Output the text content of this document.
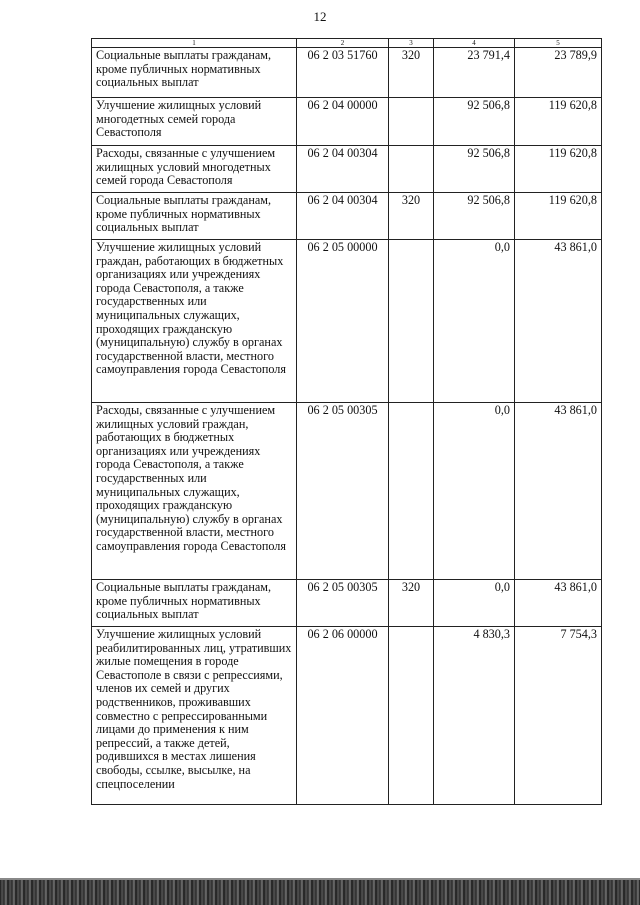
12
1	2	3	4	5
Социальные выплаты гражданам, кроме публичных нормативных социальных выплат	06 2 03 51760	320	23 791,4	23 789,9
Улучшение жилищных условий многодетных семей города Севастополя	06 2 04 00000		92 506,8	119 620,8
Расходы, связанные с улучшением жилищных условий многодетных семей города Севастополя	06 2 04 00304		92 506,8	119 620,8
Социальные выплаты гражданам, кроме публичных нормативных социальных выплат	06 2 04 00304	320	92 506,8	119 620,8
Улучшение жилищных условий граждан, работающих в бюджетных организациях или учреждениях города Севастополя, а также государственных или муниципальных служащих, проходящих гражданскую (муниципальную) службу в органах государственной власти, местного самоуправления города Севастополя	06 2 05 00000		0,0	43 861,0
Расходы, связанные с улучшением жилищных условий граждан, работающих в бюджетных организациях или учреждениях города Севастополя, а также государственных или муниципальных служащих, проходящих гражданскую (муниципальную) службу в органах государственной власти, местного самоуправления города Севастополя	06 2 05 00305		0,0	43 861,0
Социальные выплаты гражданам, кроме публичных нормативных социальных выплат	06 2 05 00305	320	0,0	43 861,0
Улучшение жилищных условий реабилитированных лиц, утративших жилые помещения в городе Севастополе в связи с репрессиями, членов их семей и других родственников, проживавших совместно с репрессированными лицами до применения к ним репрессий, а также детей, родившихся в местах лишения свободы, ссылке, высылке, на спецпоселении	06 2 06 00000		4 830,3	7 754,3
